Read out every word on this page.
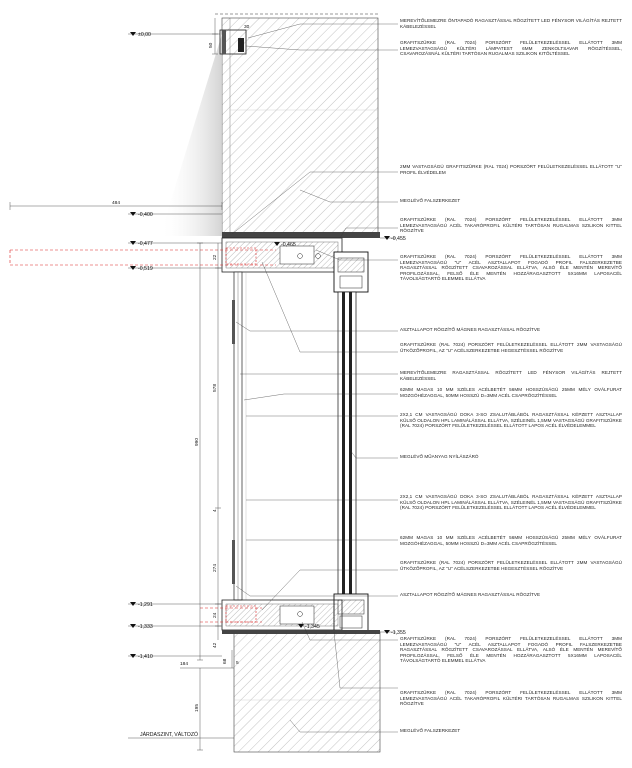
±0,00
-0,400
-0,477
-0,519
-0,465
-0,455
-1,291
-1,333	-1,345
-1,355
-1,410
JÁRDASZINT, VÁLTOZÓ
50
30
484
990
22
578
4
274
24
42
68
184
195
5
MEREVÍTŐLEMEZRE ÖNTAPADÓ RAGASZTÁSSAL RÖGZÍTETT LED FÉNYSOR VILÁGÍTÁS REJTETT KÁBELEZÉSSEL
GRAFITSZÜRKE (RAL 7024) PORSZÓRT FELÜLETKEZELÉSSEL ELLÁTOTT 3MM LEMEZVASTAGSÁGÚ KÜLTÉRI LÁMPATEST 6MM ZENKOLTSAVAR RÖGZÍTÉSSEL, CSAVAROZÁSNÁL KÜLTÉRI TARTÓSAN RUGALMAS SZILIKON KITÖLTÉSSEL
2MM VASTAGSÁGÚ GRAFITSZÜRKE (RAL 7024) PORSZÓRT FELÜLETKEZELÉSSEL ELLÁTOTT "U" PROFIL ÉLVÉDELEM
MEGLÉVŐ FALSZERKEZET
GRAFITSZÜRKE (RAL 7024) PORSZÓRT FELÜLETKEZELÉSSEL ELLÁTOTT 3MM LEMEZVASTAGSÁGÚ ACÉL TAKARÓPROFIL KÜLTÉRI TARTÓSAN RUGALMAS SZILIKON KITTEL RÖGZÍTVE
GRAFITSZÜRKE (RAL 7024) PORSZÓRT FELÜLETKEZELÉSSEL ELLÁTOTT 3MM LEMEZVASTAGSÁGÚ "U" ACÉL ASZTALLAPOT FOGADÓ PROFIL FALSZERKEZETBE RAGASZTÁSSAL RÖGZÍTETT CSAVAROZÁSSAL ELLÁTVA, ALSÓ ÉLE MENTÉN MEREVÍTŐ PROFILOZÁSSAL, FELSŐ ÉLE MENTÉN HOZZÁRAGASZTOTT 5X16MM LAPOSACÉL TÁVOLSÁGTARTÓ ELEMMEL ELLÁTVA
ASZTALLAPOT RÖGZÍTŐ MÁGNES RAGASZTÁSSAL RÖGZÍTVE
GRAFITSZÜRKE (RAL 7024) PORSZÓRT FELÜLETKEZELÉSSEL ELLÁTOTT 2MM VASTAGSÁGÚ ÜTKÖZŐPROFIL, AZ "U" ACÉLSZERKEZETBE HEGESZTÉSSEL RÖGZÍTVE
MEREVÍTŐLEMEZRE RAGASZTÁSSAL RÖGZÍTETT LED FÉNYSOR VILÁGÍTÁS REJTETT KÁBELEZÉSSEL
62MM MAGAS 10 MM SZÉLES ACÉLBETÉT 56MM HOSSZÚSÁGÚ 25MM MÉLY OVÁLFURAT MOZGÓHÉZAGGAL, 50MM HOSSZÚ D=3MM ACÉL CSAPRÖGZÍTÉSSEL
2X2,1 CM VASTAGSÁGÚ DOKA 3-SO ZSALUTÁBLÁBÓL RAGASZTÁSSAL KÉPZETT ASZTALLAP KÜLSŐ OLDALON HPL LAMINÁLÁSSAL ELLÁTVA, SZÉLEINÉL 1,5MM VASTAGSÁGÚ GRAFITSZÜRKE (RAL 7024) PORSZÓRT FELÜLETKEZELÉSSEL ELLÁTOTT LAPOS ACÉL ÉLVÉDELEMMEL
MEGLÉVŐ MŰANYAG NYÍLÁSZÁRÓ
2X2,1 CM VASTAGSÁGÚ DOKA 3-SO ZSALUTÁBLÁBÓL RAGASZTÁSSAL KÉPZETT ASZTALLAP KÜLSŐ OLDALON HPL LAMINÁLÁSSAL ELLÁTVA, SZÉLEINÉL 1,5MM VASTAGSÁGÚ GRAFITSZÜRKE (RAL 7024) PORSZÓRT FELÜLETKEZELÉSSEL ELLÁTOTT LAPOS ACÉL ÉLVÉDELEMMEL
62MM MAGAS 10 MM SZÉLES ACÉLBETÉT 56MM HOSSZÚSÁGÚ 25MM MÉLY OVÁLFURAT MOZGÓHÉZAGGAL, 50MM HOSSZÚ D=3MM ACÉL CSAPRÖGZÍTÉSSEL
GRAFITSZÜRKE (RAL 7024) PORSZÓRT FELÜLETKEZELÉSSEL ELLÁTOTT 2MM VASTAGSÁGÚ ÜTKÖZŐPROFIL, AZ "U" ACÉLSZERKEZETBE HEGESZTÉSSEL RÖGZÍTVE
ASZTALLAPOT RÖGZÍTŐ MÁGNES RAGASZTÁSSAL RÖGZÍTVE
GRAFITSZÜRKE (RAL 7024) PORSZÓRT FELÜLETKEZELÉSSEL ELLÁTOTT 3MM LEMEZVASTAGSÁGÚ "U" ACÉL ASZTALLAPOT FOGADÓ PROFIL FALSZERKEZETBE RAGASZTÁSSAL RÖGZÍTETT CSAVAROZÁSSAL ELLÁTVA, ALSÓ ÉLE MENTÉN MEREVÍTŐ PROFILOZÁSSAL, FELSŐ ÉLE MENTÉN HOZZÁRAGASZTOTT 5X16MM LAPOSACÉL TÁVOLSÁGTARTÓ ELEMMEL ELLÁTVA
GRAFITSZÜRKE (RAL 7024) PORSZÓRT FELÜLETKEZELÉSSEL ELLÁTOTT 3MM LEMEZVASTAGSÁGÚ ACÉL TAKARÓPROFIL KÜLTÉRI TARTÓSAN RUGALMAS SZILIKON KITTEL RÖGZÍTVE
MEGLÉVŐ FALSZERKEZET
